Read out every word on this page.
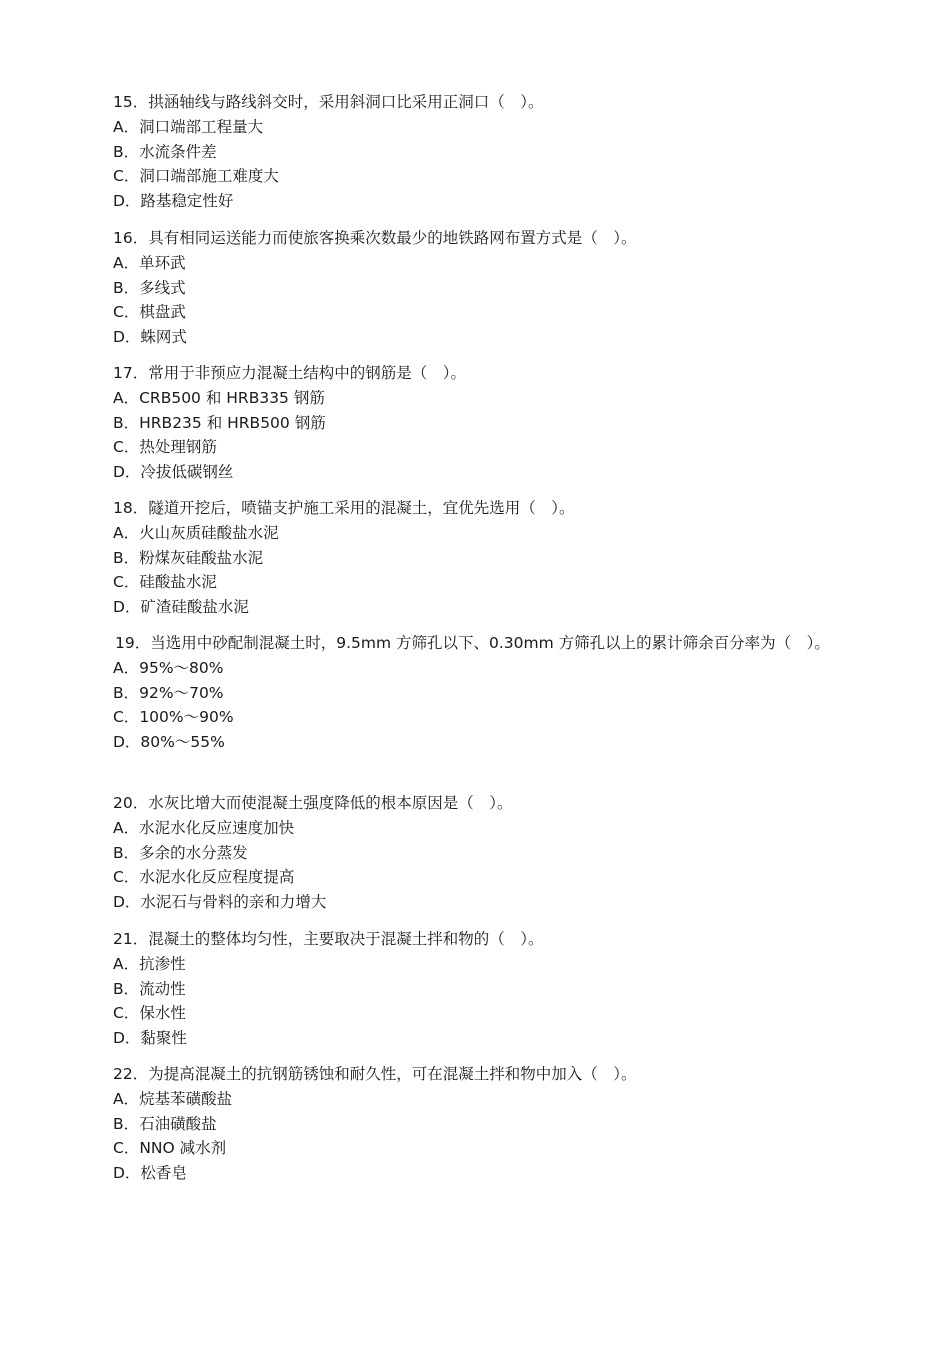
15．拱涵轴线与路线斜交时，采用斜洞口比采用正洞口（　）。
A．洞口端部工程量大
B．水流条件差
C．洞口端部施工难度大
D．路基稳定性好
16．具有相同运送能力而使旅客换乘次数最少的地铁路网布置方式是（　）。
A．单环武
B．多线式
C．棋盘武
D．蛛网式
17．常用于非预应力混凝土结构中的钢筋是（　）。
A．CRB500 和 HRB335 钢筋
B．HRB235 和 HRB500 钢筋
C．热处理钢筋
D．冷拔低碳钢丝
18．隧道开挖后，喷锚支护施工采用的混凝土，宜优先选用（　）。
A．火山灰质硅酸盐水泥
B．粉煤灰硅酸盐水泥
C．硅酸盐水泥
D．矿渣硅酸盐水泥
19．当选用中砂配制混凝土时，9.5mm 方筛孔以下、0.30mm 方筛孔以上的累计筛余百分率为（　）。
A．95%～80%
B．92%～70%
C．100%～90%
D．80%～55%
20．水灰比增大而使混凝土强度降低的根本原因是（　）。
A．水泥水化反应速度加快
B．多余的水分蒸发
C．水泥水化反应程度提高
D．水泥石与骨料的亲和力增大
21．混凝土的整体均匀性，主要取决于混凝土拌和物的（　）。
A．抗渗性
B．流动性
C．保水性
D．黏聚性
22．为提高混凝土的抗钢筋锈蚀和耐久性，可在混凝土拌和物中加入（　）。
A．烷基苯磺酸盐
B．石油磺酸盐
C．NNO 减水剂
D．松香皂
